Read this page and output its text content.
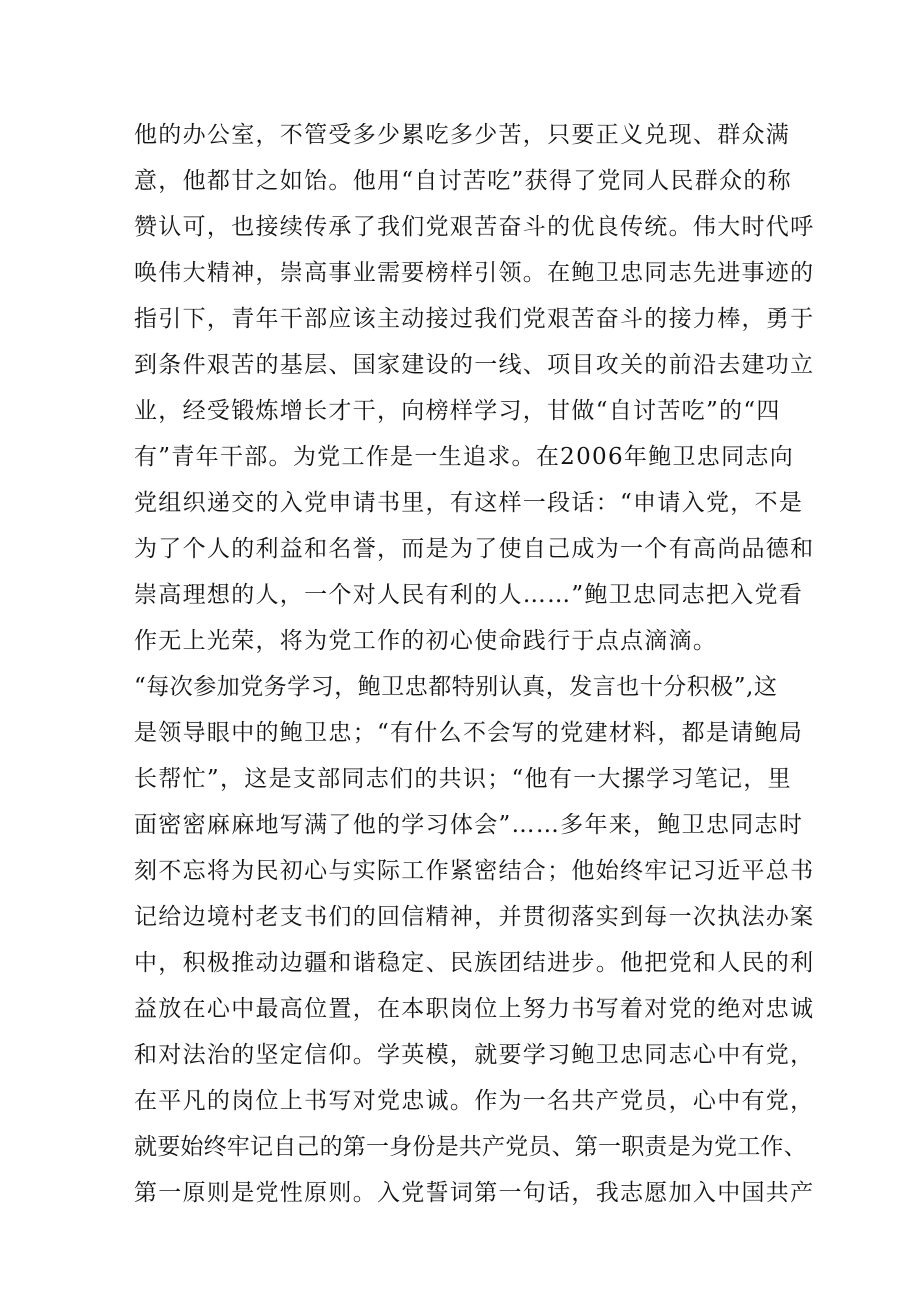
他的办公室，不管受多少累吃多少苦，只要正义兑现、群众满
意，他都甘之如饴。他用“自讨苦吃”获得了党同人民群众的称
赞认可，也接续传承了我们党艰苦奋斗的优良传统。伟大时代呼
唤伟大精神，崇高事业需要榜样引领。在鲍卫忠同志先进事迹的
指引下，青年干部应该主动接过我们党艰苦奋斗的接力棒，勇于
到条件艰苦的基层、国家建设的一线、项目攻关的前沿去建功立
业，经受锻炼增长才干，向榜样学习，甘做“自讨苦吃”的“四
有”青年干部。为党工作是一生追求。在2006年鲍卫忠同志向
党组织递交的入党申请书里，有这样一段话：“申请入党，不是
为了个人的利益和名誉，而是为了使自己成为一个有高尚品德和
崇高理想的人，一个对人民有利的人……”鲍卫忠同志把入党看
作无上光荣，将为党工作的初心使命践行于点点滴滴。
“每次参加党务学习，鲍卫忠都特别认真，发言也十分积极”,这
是领导眼中的鲍卫忠；“有什么不会写的党建材料，都是请鲍局
长帮忙”，这是支部同志们的共识；“他有一大摞学习笔记，里
面密密麻麻地写满了他的学习体会”……多年来，鲍卫忠同志时
刻不忘将为民初心与实际工作紧密结合；他始终牢记习近平总书
记给边境村老支书们的回信精神，并贯彻落实到每一次执法办案
中，积极推动边疆和谐稳定、民族团结进步。他把党和人民的利
益放在心中最高位置，在本职岗位上努力书写着对党的绝对忠诚
和对法治的坚定信仰。学英模，就要学习鲍卫忠同志心中有党，
在平凡的岗位上书写对党忠诚。作为一名共产党员，心中有党，
就要始终牢记自己的第一身份是共产党员、第一职责是为党工作、
第一原则是党性原则。入党誓词第一句话，我志愿加入中国共产
